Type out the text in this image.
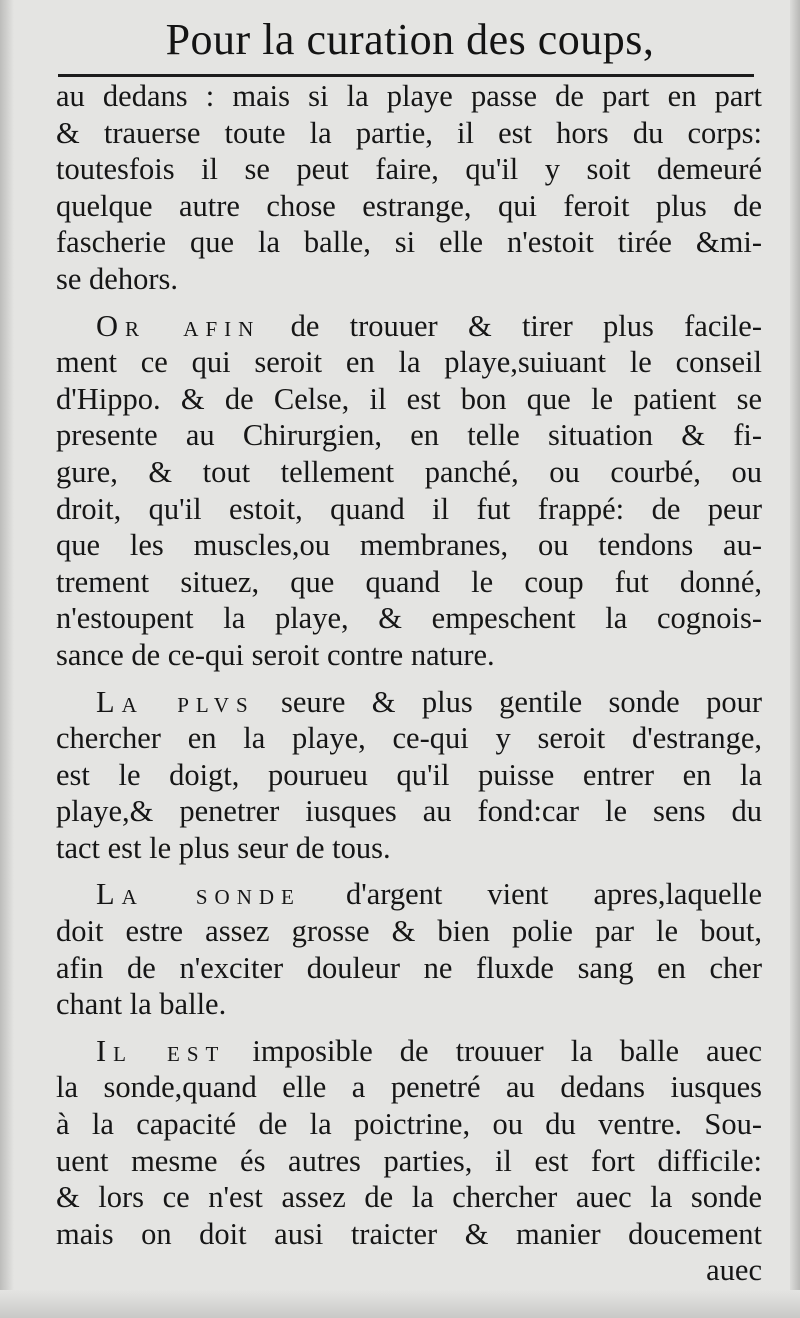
Pour la curation des coups,
au dedans : mais si la playe passe de part en part
& trauerse toute la partie, il est hors du corps:
toutesfois il se peut faire, qu'il y soit demeuré
quelque autre chose estrange, qui feroit plus de
fascherie que la balle, si elle n'estoit tirée &mi-
se dehors.
Or afin de trouuer & tirer plus facile-
ment ce qui seroit en la playe,suiuant le conseil
d'Hippo. & de Celse, il est bon que le patient se
presente au Chirurgien, en telle situation & fi-
gure, & tout tellement panché, ou courbé, ou
droit, qu'il estoit, quand il fut frappé: de peur
que les muscles,ou membranes, ou tendons au-
trement situez, que quand le coup fut donné,
n'estoupent la playe, & empeschent la cognois-
sance de ce-qui seroit contre nature.
La plvs seure & plus gentile sonde pour
chercher en la playe, ce-qui y seroit d'estrange,
est le doigt, pourueu qu'il puisse entrer en la
playe,& penetrer iusques au fond:car le sens du
tact est le plus seur de tous.
La sonde d'argent vient apres,laquelle
doit estre assez grosse & bien polie par le bout,
afin de n'exciter douleur ne fluxde sang en cher
chant la balle.
Il est imposible de trouuer la balle auec
la sonde,quand elle a penetré au dedans iusques
à la capacité de la poictrine, ou du ventre. Sou-
uent mesme és autres parties, il est fort difficile:
& lors ce n'est assez de la chercher auec la sonde
mais on doit ausi traicter & manier doucement
auec
